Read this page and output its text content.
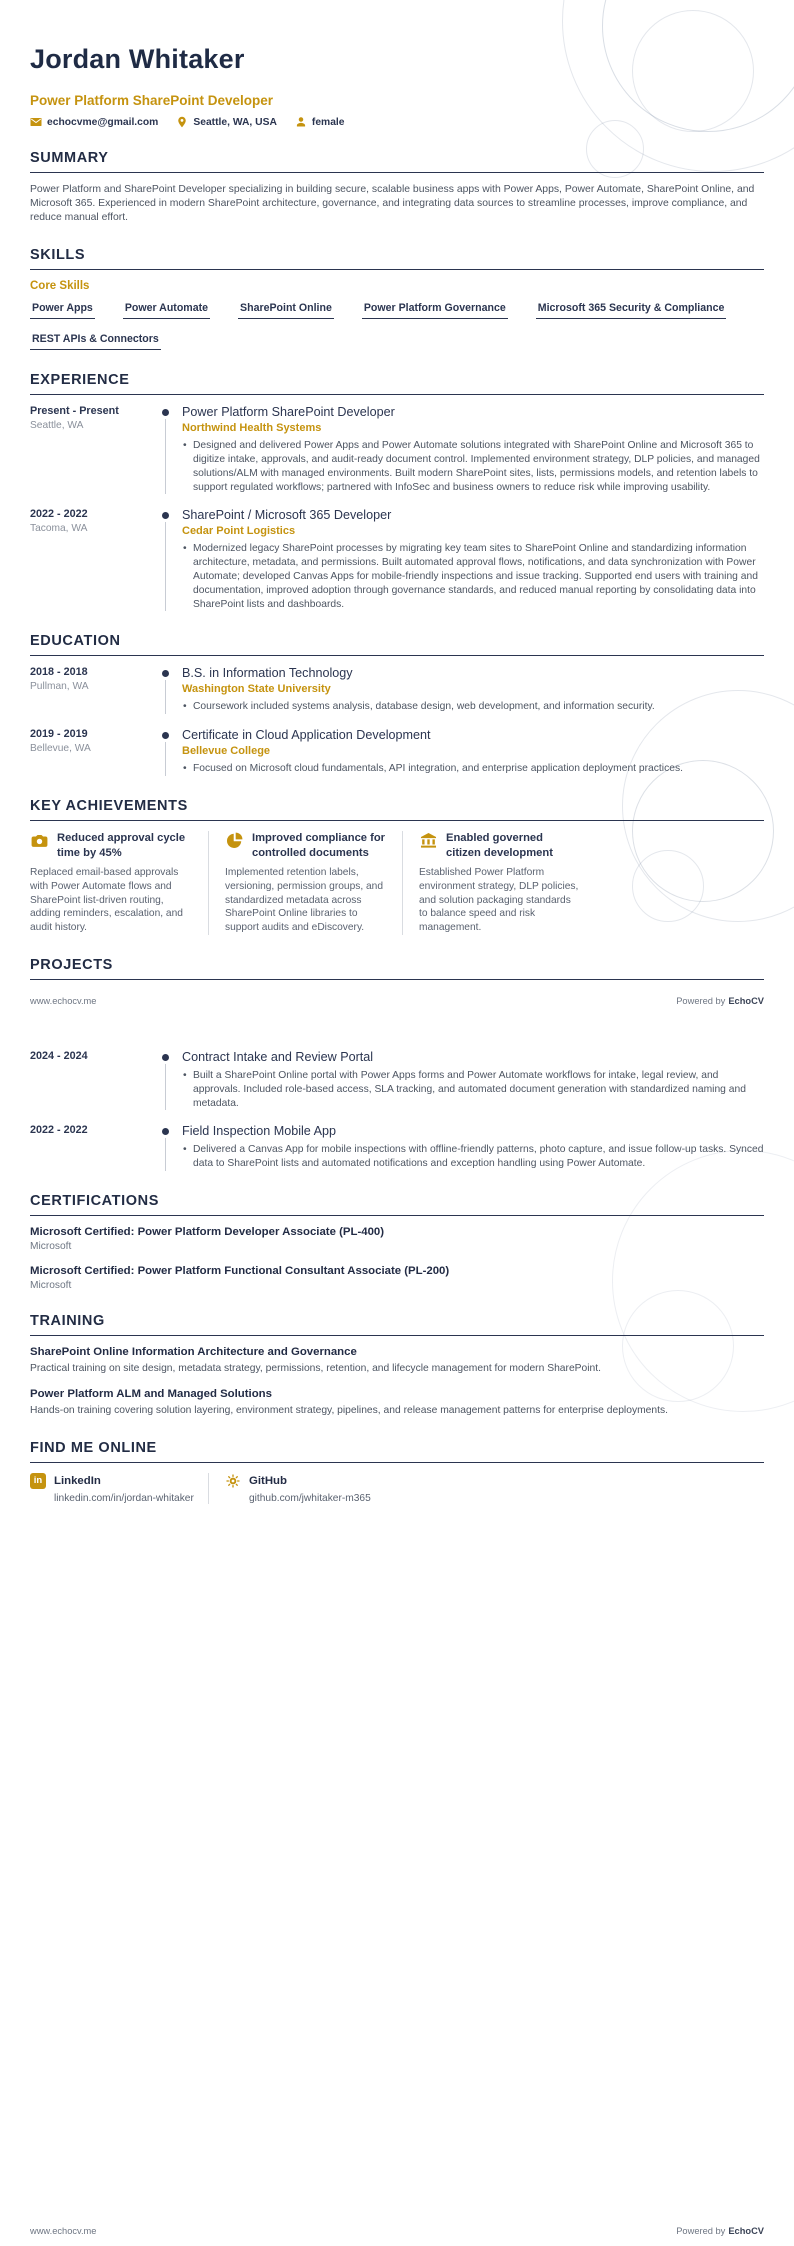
Jordan Whitaker
Power Platform SharePoint Developer
echocvme@gmail.com	Seattle, WA, USA	female
SUMMARY

Power Platform and SharePoint Developer specializing in building secure, scalable business apps with Power Apps, Power Automate, SharePoint Online, and Microsoft 365. Experienced in modern SharePoint architecture, governance, and integrating data sources to streamline processes, improve compliance, and reduce manual effort.

SKILLS
Core Skills
Power Apps	Power Automate	SharePoint Online	Power Platform Governance	Microsoft 365 Security & Compliance
REST APIs & Connectors
EXPERIENCE
Present - Present
Seattle, WA
Power Platform SharePoint Developer
Northwind Health Systems
• Designed and delivered Power Apps and Power Automate solutions integrated with SharePoint Online and Microsoft 365 to digitize intake, approvals, and audit-ready document control. Implemented environment strategy, DLP policies, and managed solutions/ALM with managed environments. Built modern SharePoint sites, lists, permissions models, and retention labels to support regulated workflows; partnered with InfoSec and business owners to reduce risk while improving usability.
2022 - 2022
Tacoma, WA
SharePoint / Microsoft 365 Developer
Cedar Point Logistics
• Modernized legacy SharePoint processes by migrating key team sites to SharePoint Online and standardizing information architecture, metadata, and permissions. Built automated approval flows, notifications, and data synchronization with Power Automate; developed Canvas Apps for mobile-friendly inspections and issue tracking. Supported end users with training and documentation, improved adoption through governance standards, and reduced manual reporting by consolidating data into SharePoint lists and dashboards.
EDUCATION
2018 - 2018
Pullman, WA
B.S. in Information Technology
Washington State University
• Coursework included systems analysis, database design, web development, and information security.
2019 - 2019
Bellevue, WA
Certificate in Cloud Application Development
Bellevue College
• Focused on Microsoft cloud fundamentals, API integration, and enterprise application deployment practices.
KEY ACHIEVEMENTS
Reduced approval cycle time by 45%
Replaced email-based approvals with Power Automate flows and SharePoint list-driven routing, adding reminders, escalation, and audit history.
Improved compliance for controlled documents
Implemented retention labels, versioning, permission groups, and standardized metadata across SharePoint Online libraries to support audits and eDiscovery.
Enabled governed citizen development
Established Power Platform environment strategy, DLP policies, and solution packaging standards to balance speed and risk management.
PROJECTS
www.echocv.me	Powered by EchoCV
2024 - 2024	Contract Intake and Review Portal
• Built a SharePoint Online portal with Power Apps forms and Power Automate workflows for intake, legal review, and approvals. Included role-based access, SLA tracking, and automated document generation with standardized naming and metadata.
2022 - 2022	Field Inspection Mobile App
• Delivered a Canvas App for mobile inspections with offline-friendly patterns, photo capture, and issue follow-up tasks. Synced data to SharePoint lists and automated notifications and exception handling using Power Automate.
CERTIFICATIONS
Microsoft Certified: Power Platform Developer Associate (PL-400)
Microsoft
Microsoft Certified: Power Platform Functional Consultant Associate (PL-200)
Microsoft
TRAINING
SharePoint Online Information Architecture and Governance
Practical training on site design, metadata strategy, permissions, retention, and lifecycle management for modern SharePoint.
Power Platform ALM and Managed Solutions
Hands-on training covering solution layering, environment strategy, pipelines, and release management patterns for enterprise deployments.
FIND ME ONLINE
in	LinkedIn
linkedin.com/in/jordan-whitaker
GitHub
github.com/jwhitaker-m365
www.echocv.me	Powered by EchoCV
